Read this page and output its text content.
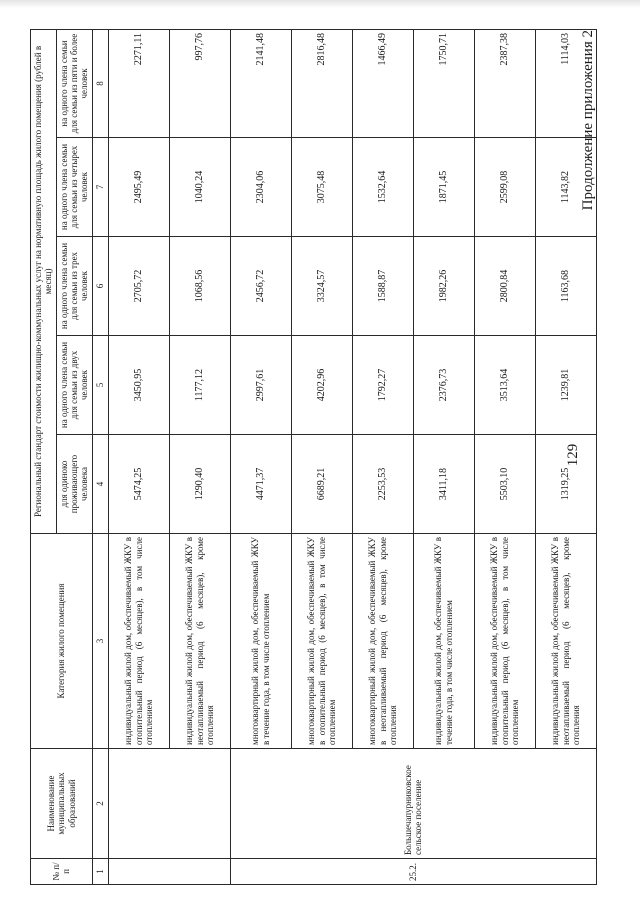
129
Продолжение приложения 2
№ п/п	Наименование муниципальных образований	Категория жилого помещения	Региональный стандарт стоимости жилищно-коммунальных услуг на нормативную площадь жилого помещения (рублей в месяц)				
			для одиноко проживающего человека	на одного члена семьи для семьи из двух человек	на одного члена семьи для семьи из трех человек	на одного члена семьи для семьи из четырех человек	на одного члена семьи для семьи из пяти и более человек
1	2	3	4	5	6	7	8
		индивидуальный жилой дом, обеспечиваемый ЖКУ в отопительный период (6 месяцев), в том числе отоплением	5474,25	3450,95	2705,72	2495,49	2271,11
		индивидуальный жилой дом, обеспечиваемый ЖКУ в неотапливаемый период (6 месяцев), кроме отопления	1290,40	1177,12	1068,56	1040,24	997,76
25.2.	Большечапурниковское сельское поселение	многоквартирный жилой дом, обеспечиваемый ЖКУ в течение года, в том числе отоплением	4471,37	2997,61	2456,72	2304,06	2141,48
		многоквартирный жилой дом, обеспечиваемый ЖКУ в отопительный период (6 месяцев), в том числе отоплением	6689,21	4202,96	3324,57	3075,48	2816,48
		многоквартирный жилой дом, обеспечиваемый ЖКУ в неотапливаемый период (6 месяцев), кроме отопления	2253,53	1792,27	1588,87	1532,64	1466,49
		индивидуальный жилой дом, обеспечиваемый ЖКУ в течение года, в том числе отоплением	3411,18	2376,73	1982,26	1871,45	1750,71
		индивидуальный жилой дом, обеспечиваемый ЖКУ в отопительный период (6 месяцев), в том числе отоплением	5503,10	3513,64	2800,84	2599,08	2387,38
		индивидуальный жилой дом, обеспечиваемый ЖКУ в неотапливаемый период (6 месяцев), кроме отопления	1319,25	1239,81	1163,68	1143,82	1114,03
